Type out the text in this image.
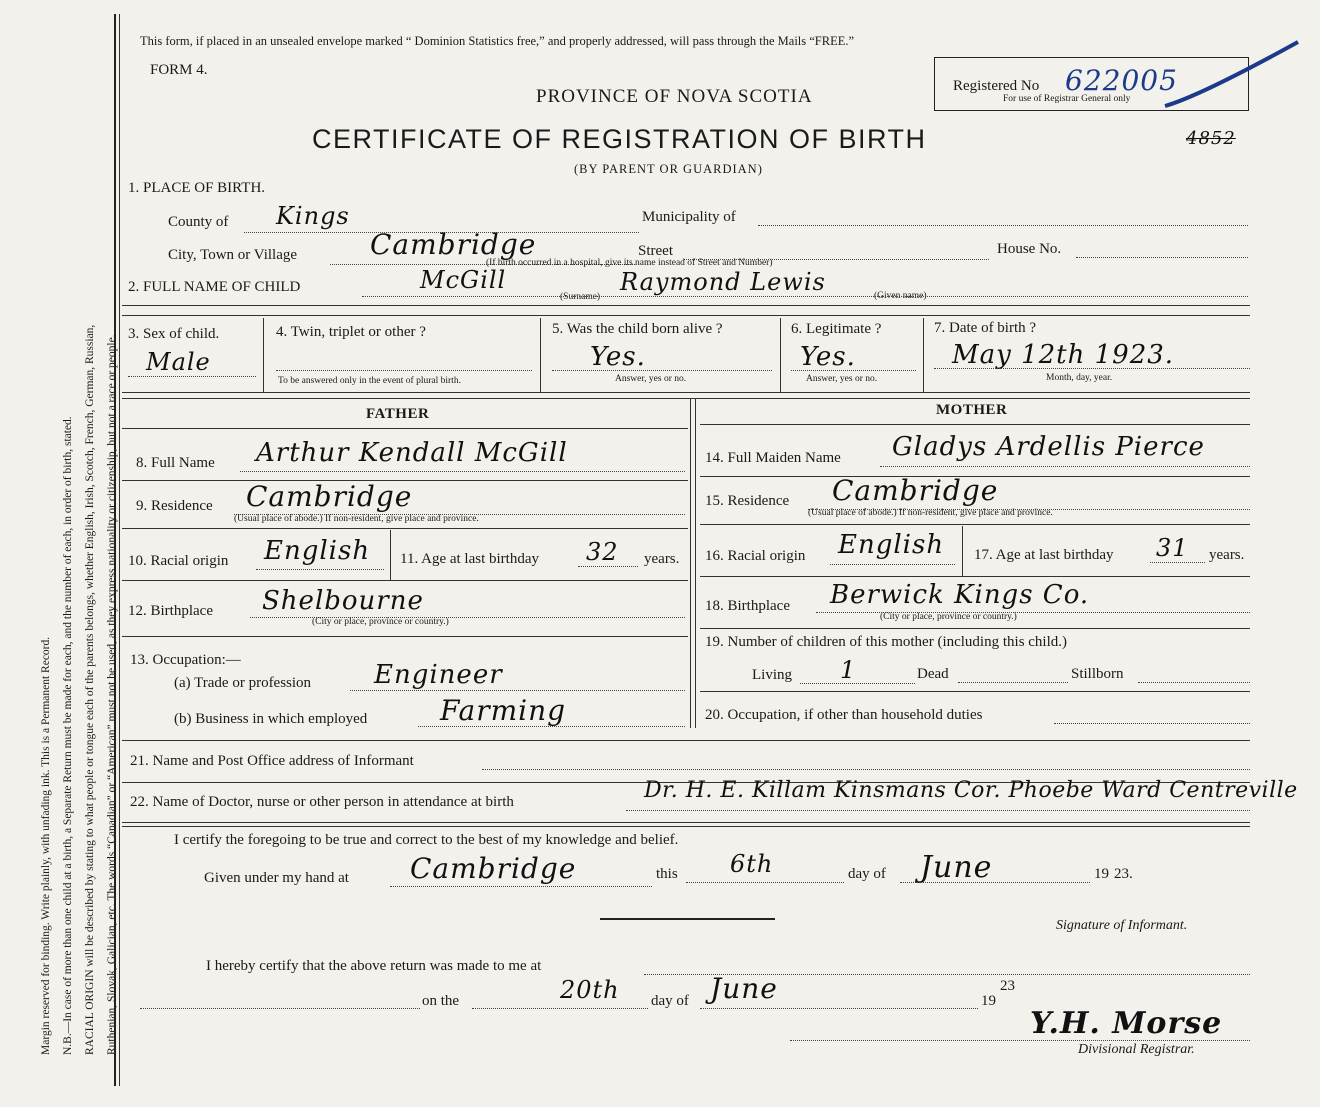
Margin reserved for binding. Write plainly, with unfading ink. This is a Permanent Record. N.B.—In case of more than one child at a birth, a Separate Return must be made for each, and the number of each, in order of birth, stated. RACIAL ORIGIN will be described by stating to what people or tongue each of the parents belongs, whether English, Irish, Scotch, French, German, Russian, Ruthenian, Slovak, Galician, etc. The words “Canadian” or “American” must not be used, as they express nationality or citizenship, but not a race or people.
This form, if placed in an unsealed envelope marked “ Dominion Statistics free,” and properly addressed, will pass through the Mails “FREE.”
FORM 4.
PROVINCE OF NOVA SCOTIA
CERTIFICATE OF REGISTRATION OF BIRTH
(BY PARENT OR GUARDIAN)
Registered No 622005
For use of Registrar General only
4852
1. PLACE OF BIRTH.
County of Kings	Municipality of
City, Town or Village	Cambridge	Street	House No.
(If birth occurred in a hospital, give its name instead of Street and Number)
2. FULL NAME OF CHILD	McGill
(Surname)
Raymond Lewis	(Given name)
3. Sex of child.
Male
4. Twin, triplet or other ?
To be answered only in the event of plural birth.
5. Was the child born alive ?
Yes.
Answer, yes or no.
6. Legitimate ?
Yes.
Answer, yes or no.
7. Date of birth ?
May 12th 1923.
Month, day, year.
FATHER	MOTHER
8. Full Name Arthur Kendall McGill
9. Residence Cambridge
(Usual place of abode.) If non-resident, give place and province.
10. Racial origin English 11. Age at last birthday 32 years.
12. Birthplace Shelbourne
(City or place, province or country.)
13. Occupation:—
(a) Trade or profession Engineer
(b) Business in which employed	Farming
14. Full Maiden Name Gladys Ardellis Pierce
15. Residence Cambridge
(Usual place of abode.) If non-resident, give place and province.
16. Racial origin English 17. Age at last birthday 31 years.
18. Birthplace Berwick Kings Co.
(City or place, province or country.)
19. Number of children of this mother (including this child.)
Living 1	Dead	Stillborn
20. Occupation, if other than household duties
21. Name and Post Office address of Informant
22. Name of Doctor, nurse or other person in attendance at birth	Dr. H. E. Killam Kinsmans Cor. Phoebe Ward Centreville
I certify the foregoing to be true and correct to the best of my knowledge and belief.
Given under my hand at Cambridge	this 6th	day of June	19 23.
Signature of Informant.
I hereby certify that the above return was made to me at
on the	20th day of June	19
23
Y.H. Morse
Divisional Registrar.
